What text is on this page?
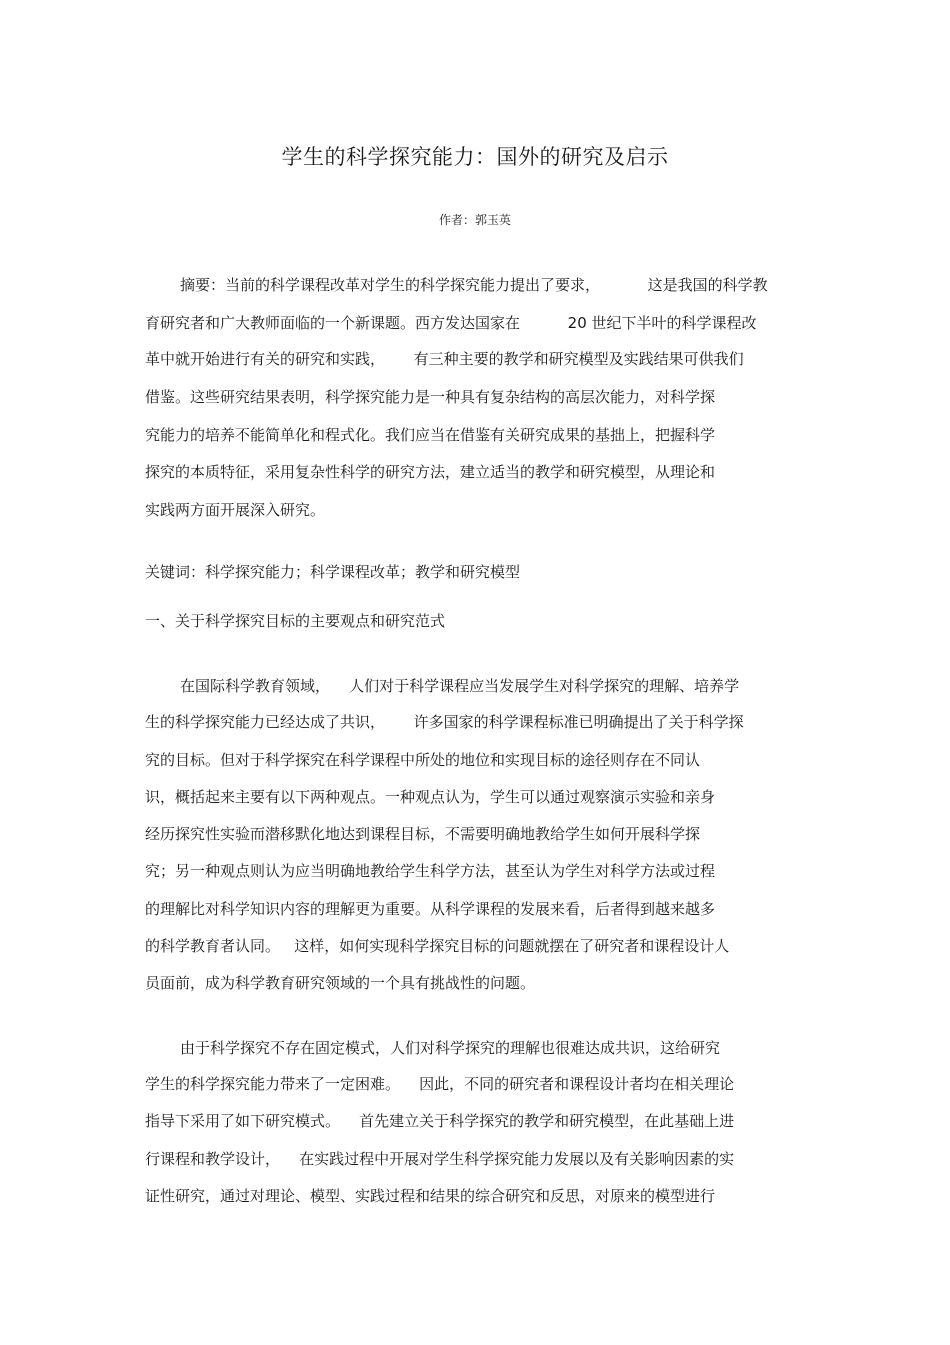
学生的科学探究能力：国外的研究及启示
作者：郭玉英
摘要：当前的科学课程改革对学生的科学探究能力提出了要求，          这是我国的科学教
育研究者和广大教师面临的一个新课题。西方发达国家在          20 世纪下半叶的科学课程改
革中就开始进行有关的研究和实践，      有三种主要的教学和研究模型及实践结果可供我们
借鉴。这些研究结果表明，科学探究能力是一种具有复杂结构的高层次能力，对科学探
究能力的培养不能简单化和程式化。我们应当在借鉴有关研究成果的基拙上，把握科学
探究的本质特征，采用复杂性科学的研究方法，建立适当的教学和研究模型，从理论和
实践两方面开展深入研究。
关键词：科学探究能力；科学课程改革；教学和研究模型
一、关于科学探究目标的主要观点和研究范式
在国际科学教育领域，    人们对于科学课程应当发展学生对科学探究的理解、培养学
生的科学探究能力已经达成了共识，      许多国家的科学课程标准已明确提出了关于科学探
究的目标。但对于科学探究在科学课程中所处的地位和实现目标的途径则存在不同认
识，概括起来主要有以下两种观点。一种观点认为，学生可以通过观察演示实验和亲身
经历探究性实验而潜移默化地达到课程目标，不需要明确地教给学生如何开展科学探
究；另一种观点则认为应当明确地教给学生科学方法，甚至认为学生对科学方法或过程
的理解比对科学知识内容的理解更为重要。从科学课程的发展来看，后者得到越来越多
的科学教育者认同。   这样，如何实现科学探究目标的问题就摆在了研究者和课程设计人
员面前，成为科学教育研究领域的一个具有挑战性的问题。
由于科学探究不存在固定模式，人们对科学探究的理解也很难达成共识，这给研究
学生的科学探究能力带来了一定困难。    因此，不同的研究者和课程设计者均在相关理论
指导下采用了如下研究模式。    首先建立关于科学探究的教学和研究模型，在此基础上进
行课程和教学设计，    在实践过程中开展对学生科学探究能力发展以及有关影响因素的实
证性研究，通过对理论、模型、实践过程和结果的综合研究和反思，对原来的模型进行
